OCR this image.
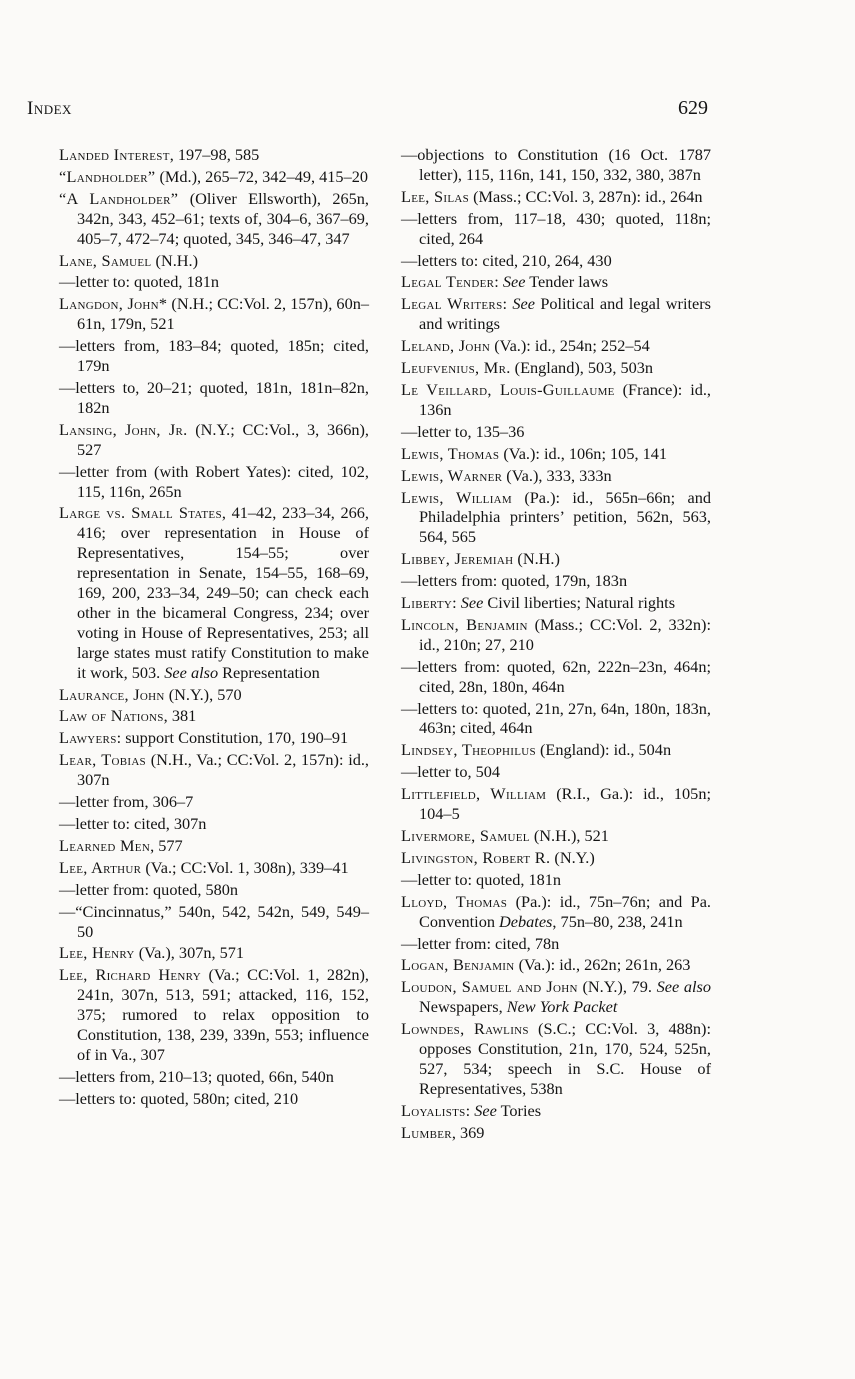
Index	629
Landed Interest, 197–98, 585
“Landholder” (Md.), 265–72, 342–49, 415–20
“A Landholder” (Oliver Ellsworth), 265n, 342n, 343, 452–61; texts of, 304–6, 367–69, 405–7, 472–74; quoted, 345, 346–47, 347
Lane, Samuel (N.H.)
—letter to: quoted, 181n
Langdon, John* (N.H.; CC:Vol. 2, 157n), 60n–61n, 179n, 521
—letters from, 183–84; quoted, 185n; cited, 179n
—letters to, 20–21; quoted, 181n, 181n–82n, 182n
Lansing, John, Jr. (N.Y.; CC:Vol., 3, 366n), 527
—letter from (with Robert Yates): cited, 102, 115, 116n, 265n
Large vs. Small States, 41–42, 233–34, 266, 416; over representation in House of Representatives, 154–55; over representation in Senate, 154–55, 168–69, 169, 200, 233–34, 249–50; can check each other in the bicameral Congress, 234; over voting in House of Representatives, 253; all large states must ratify Constitution to make it work, 503. See also Representation
Laurance, John (N.Y.), 570
Law of Nations, 381
Lawyers: support Constitution, 170, 190–91
Lear, Tobias (N.H., Va.; CC:Vol. 2, 157n): id., 307n
—letter from, 306–7
—letter to: cited, 307n
Learned Men, 577
Lee, Arthur (Va.; CC:Vol. 1, 308n), 339–41
—letter from: quoted, 580n
—“Cincinnatus,” 540n, 542, 542n, 549, 549–50
Lee, Henry (Va.), 307n, 571
Lee, Richard Henry (Va.; CC:Vol. 1, 282n), 241n, 307n, 513, 591; attacked, 116, 152, 375; rumored to relax opposition to Constitution, 138, 239, 339n, 553; influence of in Va., 307
—letters from, 210–13; quoted, 66n, 540n
—letters to: quoted, 580n; cited, 210
—objections to Constitution (16 Oct. 1787 letter), 115, 116n, 141, 150, 332, 380, 387n
Lee, Silas (Mass.; CC:Vol. 3, 287n): id., 264n
—letters from, 117–18, 430; quoted, 118n; cited, 264
—letters to: cited, 210, 264, 430
Legal Tender: See Tender laws
Legal Writers: See Political and legal writers and writings
Leland, John (Va.): id., 254n; 252–54
Leufvenius, Mr. (England), 503, 503n
Le Veillard, Louis-Guillaume (France): id., 136n
—letter to, 135–36
Lewis, Thomas (Va.): id., 106n; 105, 141
Lewis, Warner (Va.), 333, 333n
Lewis, William (Pa.): id., 565n–66n; and Philadelphia printers’ petition, 562n, 563, 564, 565
Libbey, Jeremiah (N.H.)
—letters from: quoted, 179n, 183n
Liberty: See Civil liberties; Natural rights
Lincoln, Benjamin (Mass.; CC:Vol. 2, 332n): id., 210n; 27, 210
—letters from: quoted, 62n, 222n–23n, 464n; cited, 28n, 180n, 464n
—letters to: quoted, 21n, 27n, 64n, 180n, 183n, 463n; cited, 464n
Lindsey, Theophilus (England): id., 504n
—letter to, 504
Littlefield, William (R.I., Ga.): id., 105n; 104–5
Livermore, Samuel (N.H.), 521
Livingston, Robert R. (N.Y.)
—letter to: quoted, 181n
Lloyd, Thomas (Pa.): id., 75n–76n; and Pa. Convention Debates, 75n–80, 238, 241n
—letter from: cited, 78n
Logan, Benjamin (Va.): id., 262n; 261n, 263
Loudon, Samuel and John (N.Y.), 79. See also Newspapers, New York Packet
Lowndes, Rawlins (S.C.; CC:Vol. 3, 488n): opposes Constitution, 21n, 170, 524, 525n, 527, 534; speech in S.C. House of Representatives, 538n
Loyalists: See Tories
Lumber, 369
